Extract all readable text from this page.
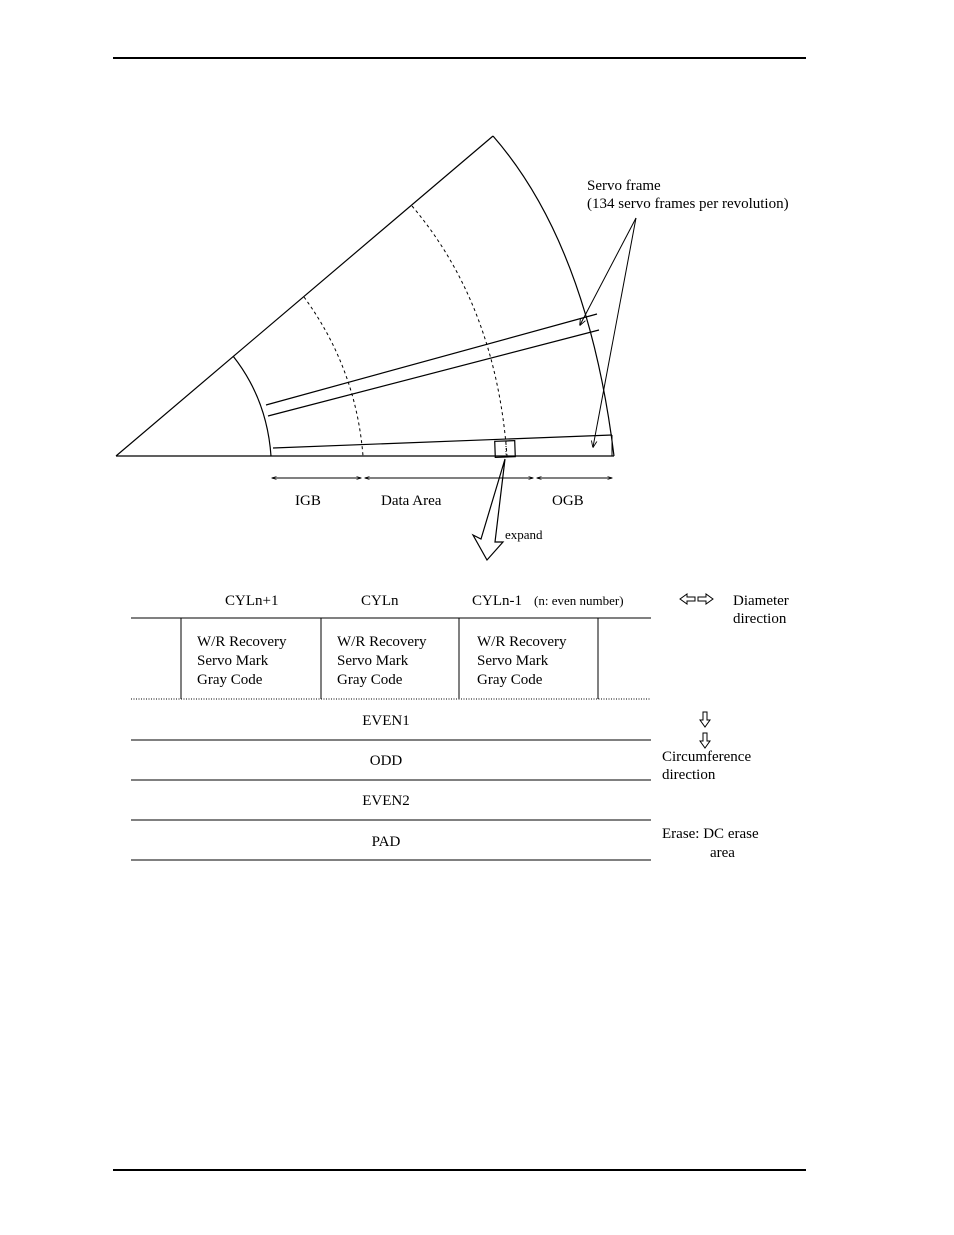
Servo frame
(134 servo frames per revolution)
IGB	Data Area	OGB
expand
CYLn+1	CYLn	CYLn-1 (n: even number)
W/R Recovery
Servo Mark
Gray Code
W/R Recovery
Servo Mark
Gray Code
W/R Recovery
Servo Mark
Gray Code
EVEN1
ODD
EVEN2
PAD
Diameter
direction
Circumference
direction
Erase: DC erase
area
